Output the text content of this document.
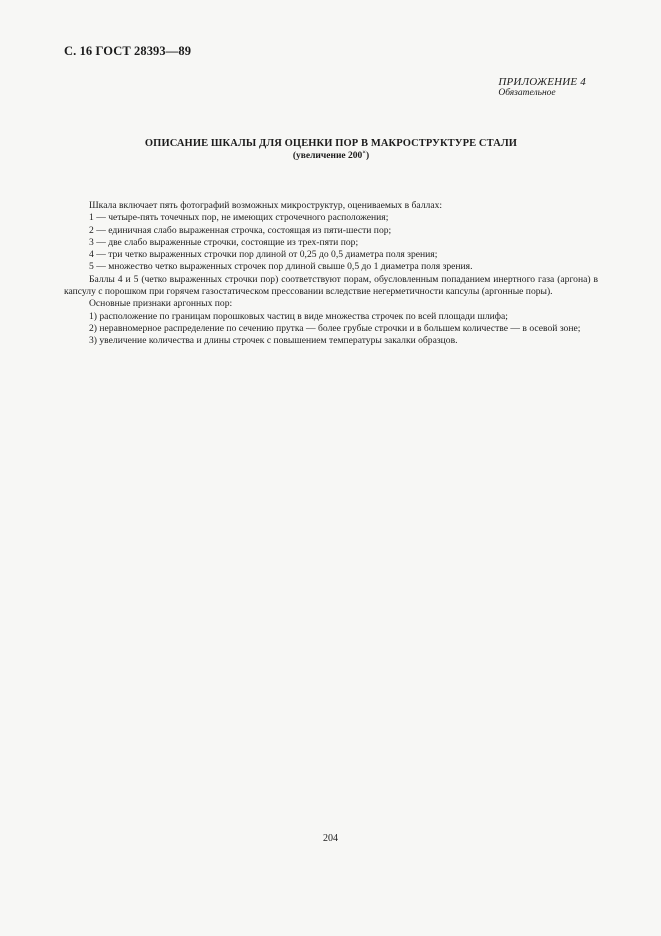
С. 16 ГОСТ 28393—89
ПРИЛОЖЕНИЕ 4
Обязательное
ОПИСАНИЕ ШКАЛЫ ДЛЯ ОЦЕНКИ ПОР В МАКРОСТРУКТУРЕ СТАЛИ
(увеличение 200×)

Шкала включает пять фотографий возможных микроструктур, оцениваемых в баллах:

1 — четыре-пять точечных пор, не имеющих строчечного расположения;

2 — единичная слабо выраженная строчка, состоящая из пяти-шести пор;

3 — две слабо выраженные строчки, состоящие из трех-пяти пор;

4 — три четко выраженных строчки пор длиной от 0,25 до 0,5 диаметра поля зрения;

5 — множество четко выраженных строчек пор длиной свыше 0,5 до 1 диаметра поля зрения.

Баллы 4 и 5 (четко выраженных строчки пор) соответствуют порам, обусловленным попаданием инертного газа (аргона) в капсулу с порошком при горячем газостатическом прессовании вследствие негерметичности капсулы (аргонные поры).

Основные признаки аргонных пор:

1) расположение по границам порошковых частиц в виде множества строчек по всей площади шлифа;

2) неравномерное распределение по сечению прутка — более грубые строчки и в большем количестве — в осевой зоне;

3) увеличение количества и длины строчек с повышением температуры закалки образцов.

204
